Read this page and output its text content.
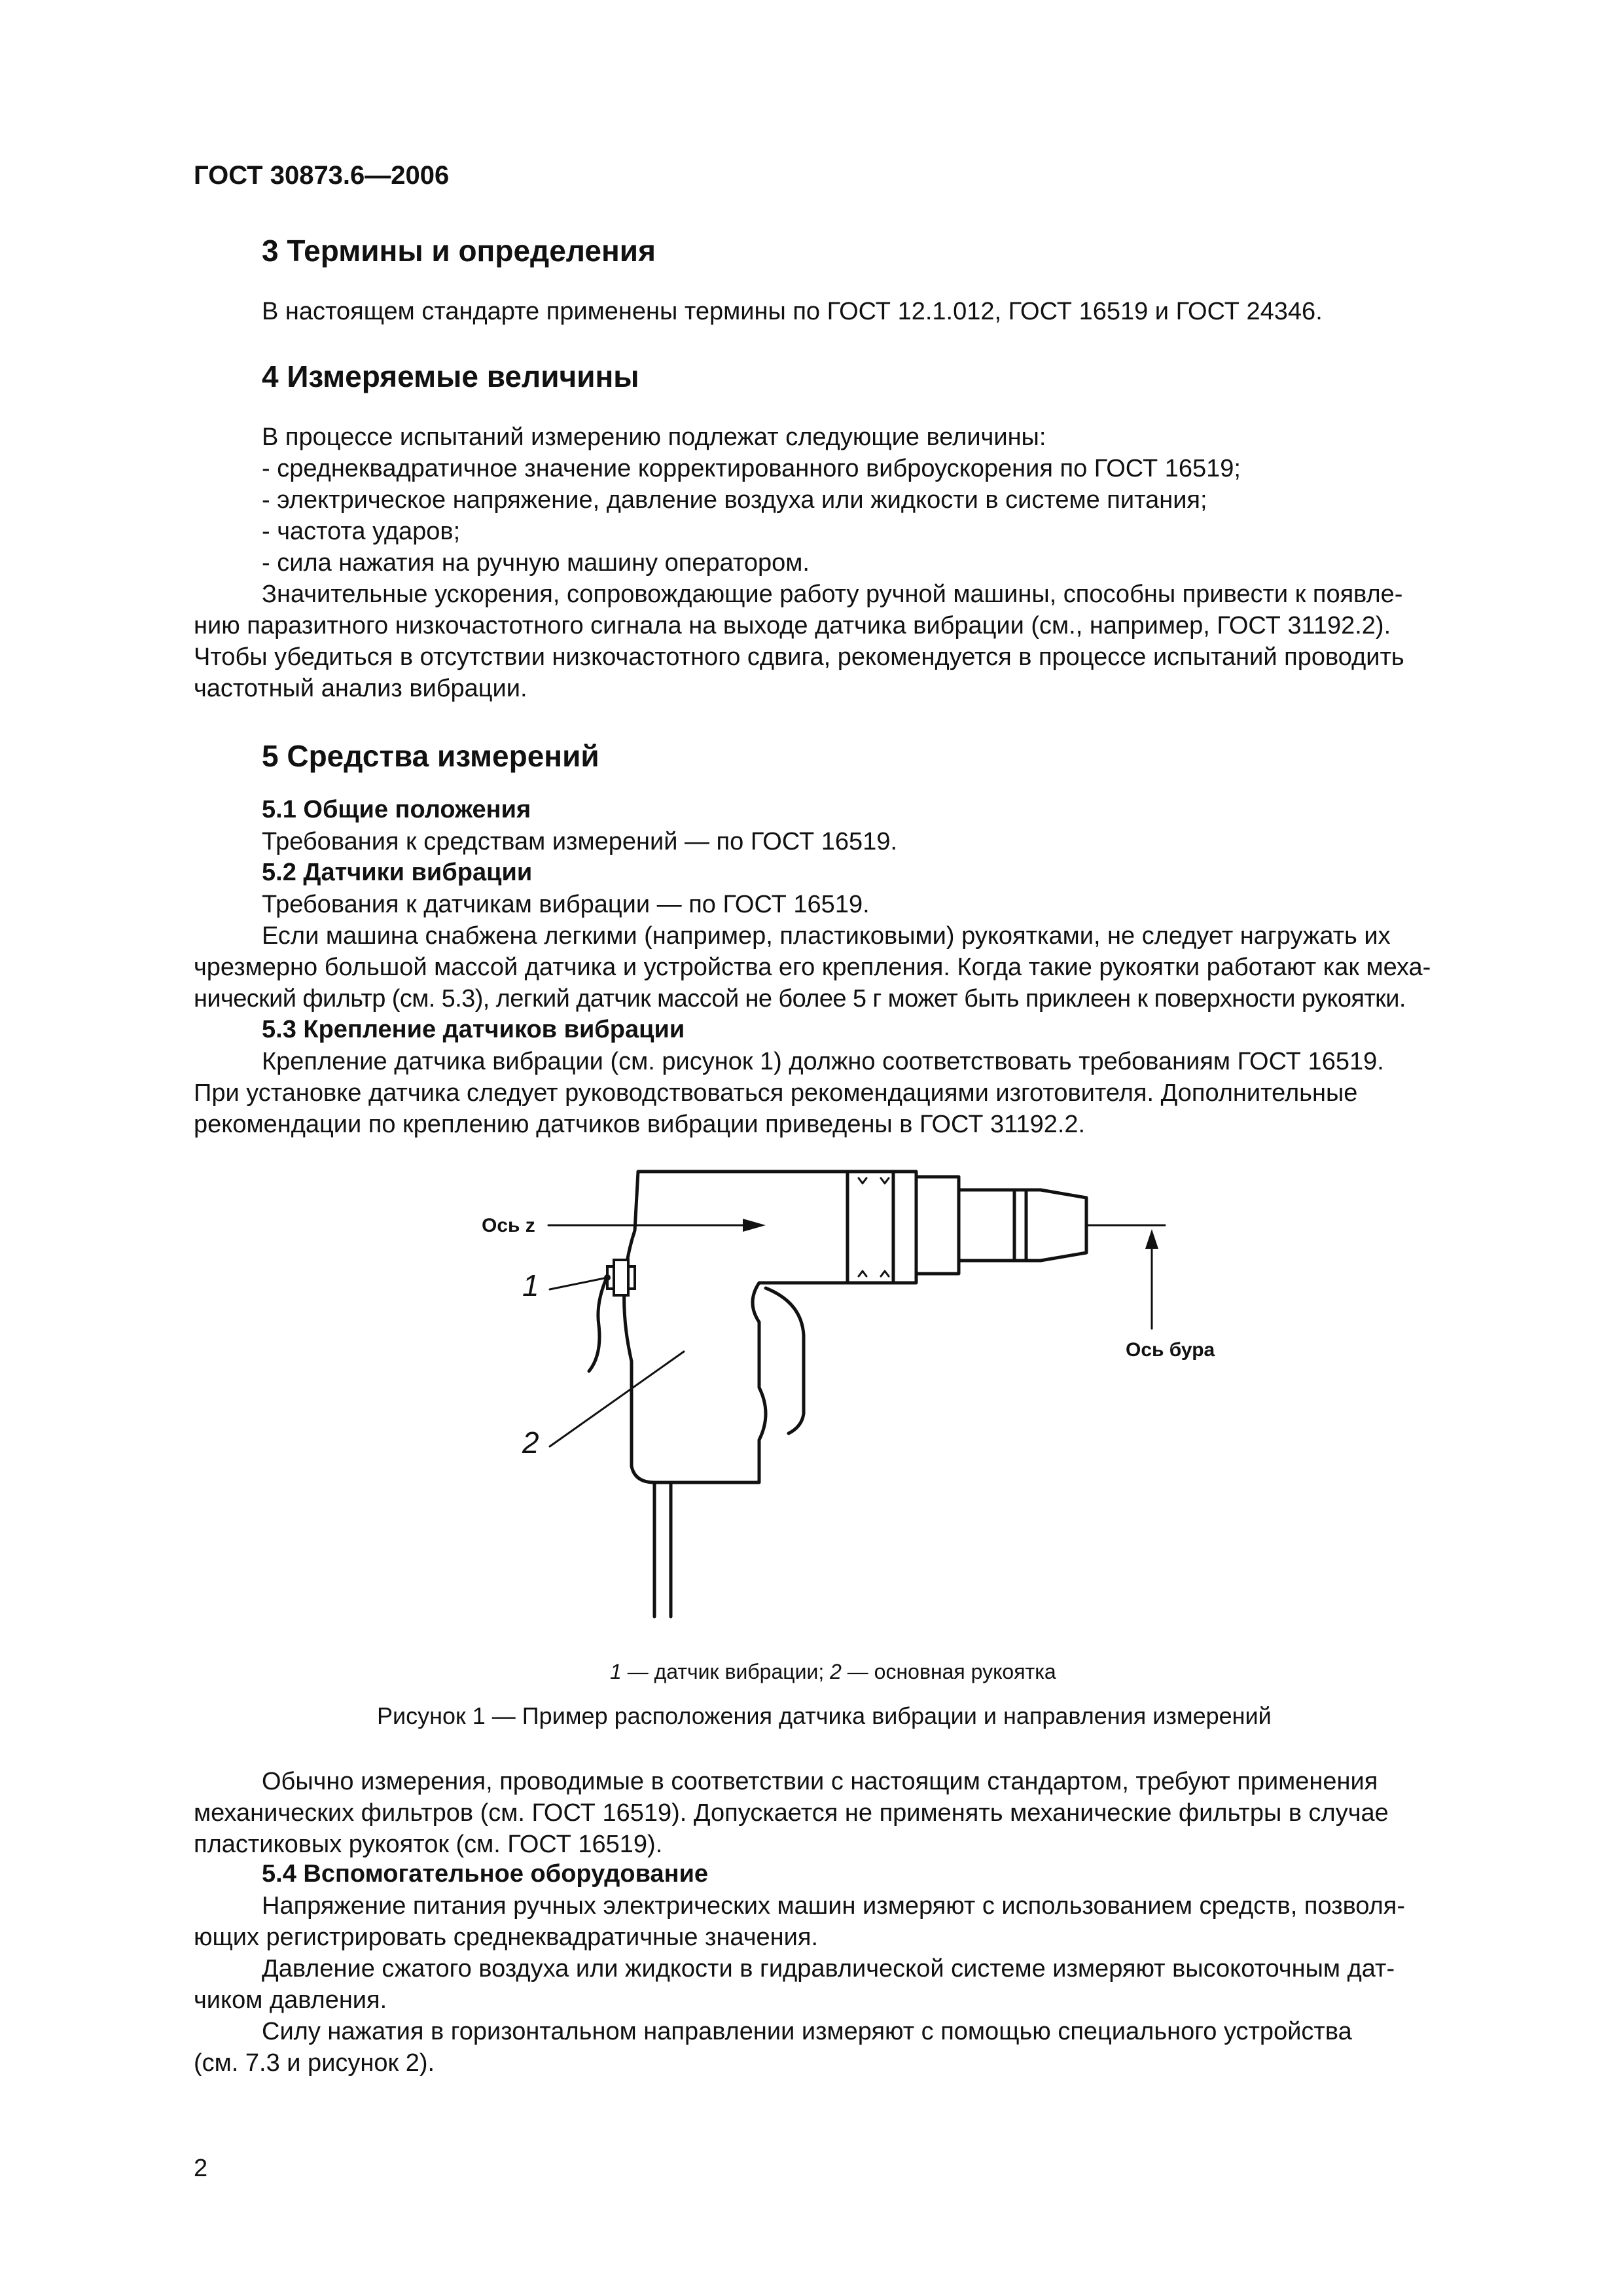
ГОСТ 30873.6—2006
3 Термины и определения
В настоящем стандарте применены термины по ГОСТ 12.1.012, ГОСТ 16519 и ГОСТ 24346.
4 Измеряемые величины
В процессе испытаний измерению подлежат следующие величины:
- среднеквадратичное значение корректированного виброускорения по ГОСТ 16519;
- электрическое напряжение, давление воздуха или жидкости в системе питания;
- частота ударов;
- сила нажатия на ручную машину оператором.
Значительные ускорения, сопровождающие работу ручной машины, способны привести к появле-
нию паразитного низкочастотного сигнала на выходе датчика вибрации (см., например, ГОСТ 31192.2).
Чтобы убедиться в отсутствии низкочастотного сдвига, рекомендуется в процессе испытаний проводить
частотный анализ вибрации.
5 Средства измерений
5.1 Общие положения
Требования к средствам измерений — по ГОСТ 16519.
5.2 Датчики вибрации
Требования к датчикам вибрации — по ГОСТ 16519.
Если машина снабжена легкими (например, пластиковыми) рукоятками, не следует нагружать их
чрезмерно большой массой датчика и устройства его крепления. Когда такие рукоятки работают как меха-
нический фильтр (см. 5.3), легкий датчик массой не более 5 г может быть приклеен к поверхности рукоятки.
5.3 Крепление датчиков вибрации
Крепление датчика вибрации (см. рисунок 1) должно соответствовать требованиям ГОСТ 16519.
При установке датчика следует руководствоваться рекомендациями изготовителя. Дополнительные
рекомендации по креплению датчиков вибрации приведены в ГОСТ 31192.2.
Ось z
Ось бура
1
2
1 — датчик вибрации; 2 — основная рукоятка
Рисунок 1 — Пример расположения датчика вибрации и направления измерений
Обычно измерения, проводимые в соответствии с настоящим стандартом, требуют применения
механических фильтров (см. ГОСТ 16519). Допускается не применять механические фильтры в случае
пластиковых рукояток (см. ГОСТ 16519).
5.4 Вспомогательное оборудование
Напряжение питания ручных электрических машин измеряют с использованием средств, позволя-
ющих регистрировать среднеквадратичные значения.
Давление сжатого воздуха или жидкости в гидравлической системе измеряют высокоточным дат-
чиком давления.
Силу нажатия в горизонтальном направлении измеряют с помощью специального устройства
(см. 7.3 и рисунок 2).
2
